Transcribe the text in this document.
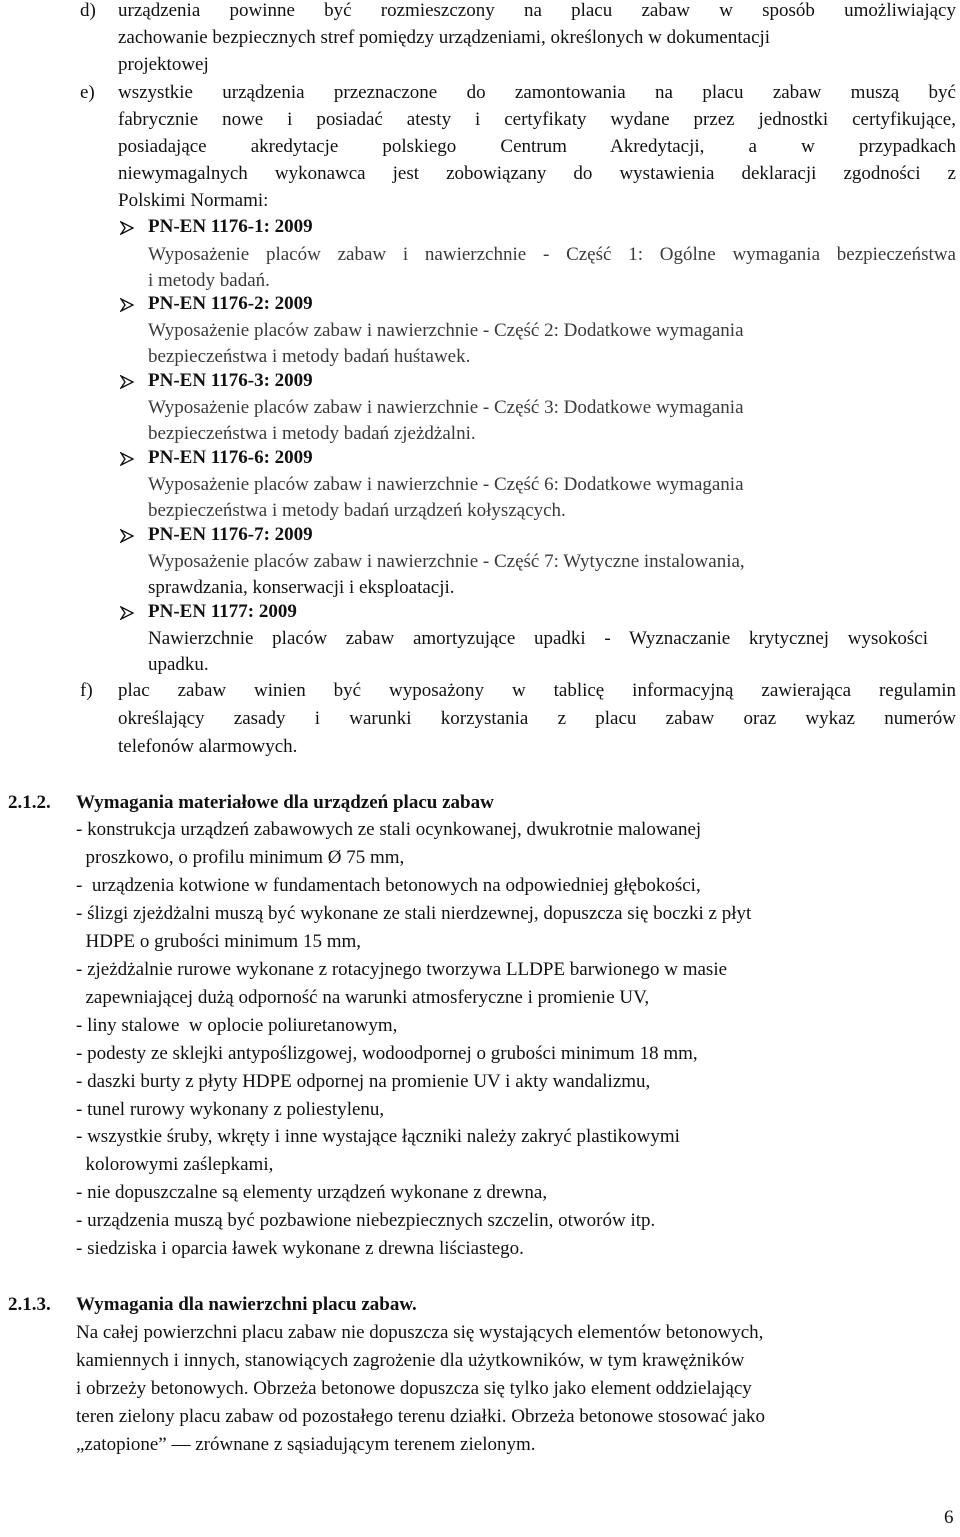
d) urządzenia powinne być rozmieszczony na placu zabaw w sposób umożliwiający
zachowanie bezpiecznych stref pomiędzy urządzeniami, określonych w dokumentacji
projektowej
e) wszystkie urządzenia przeznaczone do zamontowania na placu zabaw muszą być
fabrycznie nowe i posiadać atesty i certyfikaty wydane przez jednostki certyfikujące,
posiadające akredytacje polskiego Centrum Akredytacji, a w przypadkach
niewymagalnych wykonawca jest zobowiązany do wystawienia deklaracji zgodności z
Polskimi Normami:
PN-EN 1176-1: 2009
Wyposażenie placów zabaw i nawierzchnie - Część 1: Ogólne wymagania bezpieczeństwa
i metody badań.
PN-EN 1176-2: 2009
Wyposażenie placów zabaw i nawierzchnie - Część 2: Dodatkowe wymagania
bezpieczeństwa i metody badań huśtawek.
PN-EN 1176-3: 2009
Wyposażenie placów zabaw i nawierzchnie - Część 3: Dodatkowe wymagania
bezpieczeństwa i metody badań zjeżdżalni.
PN-EN 1176-6: 2009
Wyposażenie placów zabaw i nawierzchnie - Część 6: Dodatkowe wymagania
bezpieczeństwa i metody badań urządzeń kołyszących.
PN-EN 1176-7: 2009
Wyposażenie placów zabaw i nawierzchnie - Część 7: Wytyczne instalowania,
sprawdzania, konserwacji i eksploatacji.
PN-EN 1177: 2009
Nawierzchnie placów zabaw amortyzujące upadki - Wyznaczanie krytycznej wysokości
upadku.
f) plac zabaw winien być wyposażony w tablicę informacyjną zawierająca regulamin
określający zasady i warunki korzystania z placu zabaw oraz wykaz numerów
telefonów alarmowych.
2.1.2. Wymagania materiałowe dla urządzeń placu zabaw
- konstrukcja urządzeń zabawowych ze stali ocynkowanej, dwukrotnie malowanej
proszkowo, o profilu minimum Ø 75 mm,
-  urządzenia kotwione w fundamentach betonowych na odpowiedniej głębokości,
- ślizgi zjeżdżalni muszą być wykonane ze stali nierdzewnej, dopuszcza się boczki z płyt
HDPE o grubości minimum 15 mm,
- zjeżdżalnie rurowe wykonane z rotacyjnego tworzywa LLDPE barwionego w masie
zapewniającej dużą odporność na warunki atmosferyczne i promienie UV,
- liny stalowe  w oplocie poliuretanowym,
- podesty ze sklejki antypoślizgowej, wodoodpornej o grubości minimum 18 mm,
- daszki burty z płyty HDPE odpornej na promienie UV i akty wandalizmu,
- tunel rurowy wykonany z poliestylenu,
- wszystkie śruby, wkręty i inne wystające łączniki należy zakryć plastikowymi
kolorowymi zaślepkami,
- nie dopuszczalne są elementy urządzeń wykonane z drewna,
- urządzenia muszą być pozbawione niebezpiecznych szczelin, otworów itp.
- siedziska i oparcia ławek wykonane z drewna liściastego.
2.1.3. Wymagania dla nawierzchni placu zabaw.
Na całej powierzchni placu zabaw nie dopuszcza się wystających elementów betonowych,
kamiennych i innych, stanowiących zagrożenie dla użytkowników, w tym krawężników
i obrzeży betonowych. Obrzeża betonowe dopuszcza się tylko jako element oddzielający
teren zielony placu zabaw od pozostałego terenu działki. Obrzeża betonowe stosować jako
„zatopione” — zrównane z sąsiadującym terenem zielonym.
6
